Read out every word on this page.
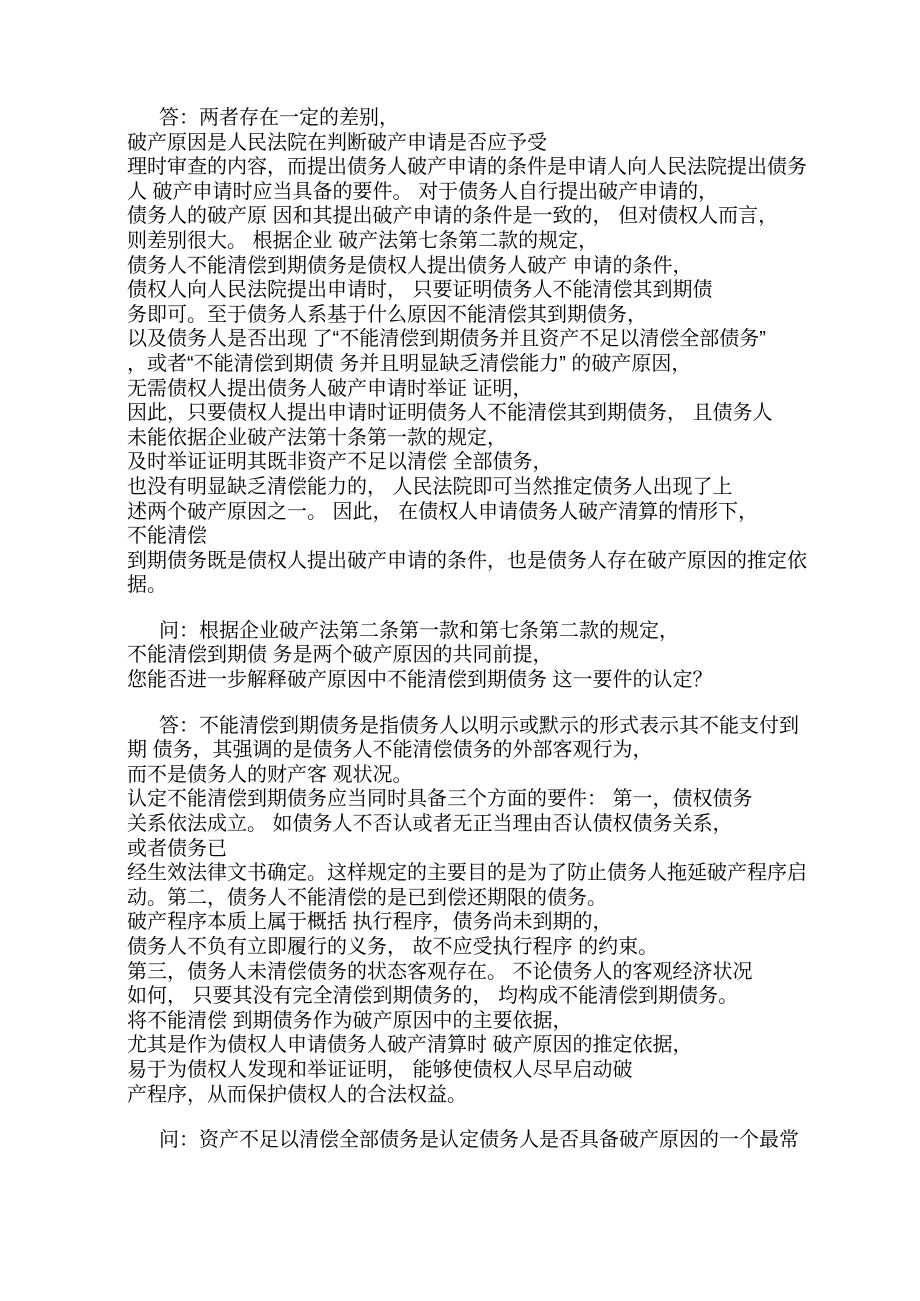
答：两者存在一定的差别，
破产原因是人民法院在判断破产申请是否应予受
理时审查的内容，而提出债务人破产申请的条件是申请人向人民法院提出债务
人 破产申请时应当具备的要件。 对于债务人自行提出破产申请的，
债务人的破产原 因和其提出破产申请的条件是一致的， 但对债权人而言，
则差别很大。 根据企业 破产法第七条第二款的规定，
债务人不能清偿到期债务是债权人提出债务人破产 申请的条件，
债权人向人民法院提出申请时， 只要证明债务人不能清偿其到期债
务即可。至于债务人系基于什么原因不能清偿其到期债务，
以及债务人是否出现 了“不能清偿到期债务并且资产不足以清偿全部债务”
，或者“不能清偿到期债 务并且明显缺乏清偿能力” 的破产原因，
无需债权人提出债务人破产申请时举证 证明，
因此，只要债权人提出申请时证明债务人不能清偿其到期债务， 且债务人
未能依据企业破产法第十条第一款的规定，
及时举证证明其既非资产不足以清偿 全部债务，
也没有明显缺乏清偿能力的， 人民法院即可当然推定债务人出现了上
述两个破产原因之一。 因此， 在债权人申请债务人破产清算的情形下，
不能清偿
到期债务既是债权人提出破产申请的条件，也是债务人存在破产原因的推定依
据。
问：根据企业破产法第二条第一款和第七条第二款的规定，
不能清偿到期债 务是两个破产原因的共同前提，
您能否进一步解释破产原因中不能清偿到期债务 这一要件的认定？
答：不能清偿到期债务是指债务人以明示或默示的形式表示其不能支付到
期 债务，其强调的是债务人不能清偿债务的外部客观行为，
而不是债务人的财产客 观状况。
认定不能清偿到期债务应当同时具备三个方面的要件： 第一，债权债务
关系依法成立。 如债务人不否认或者无正当理由否认债权债务关系，
或者债务已
经生效法律文书确定。这样规定的主要目的是为了防止债务人拖延破产程序启
动。第二，债务人不能清偿的是已到偿还期限的债务。
破产程序本质上属于概括 执行程序，债务尚未到期的，
债务人不负有立即履行的义务， 故不应受执行程序 的约束。
第三，债务人未清偿债务的状态客观存在。 不论债务人的客观经济状况
如何， 只要其没有完全清偿到期债务的， 均构成不能清偿到期债务。
将不能清偿 到期债务作为破产原因中的主要依据，
尤其是作为债权人申请债务人破产清算时 破产原因的推定依据，
易于为债权人发现和举证证明， 能够使债权人尽早启动破
产程序，从而保护债权人的合法权益。
问：资产不足以清偿全部债务是认定债务人是否具备破产原因的一个最常
